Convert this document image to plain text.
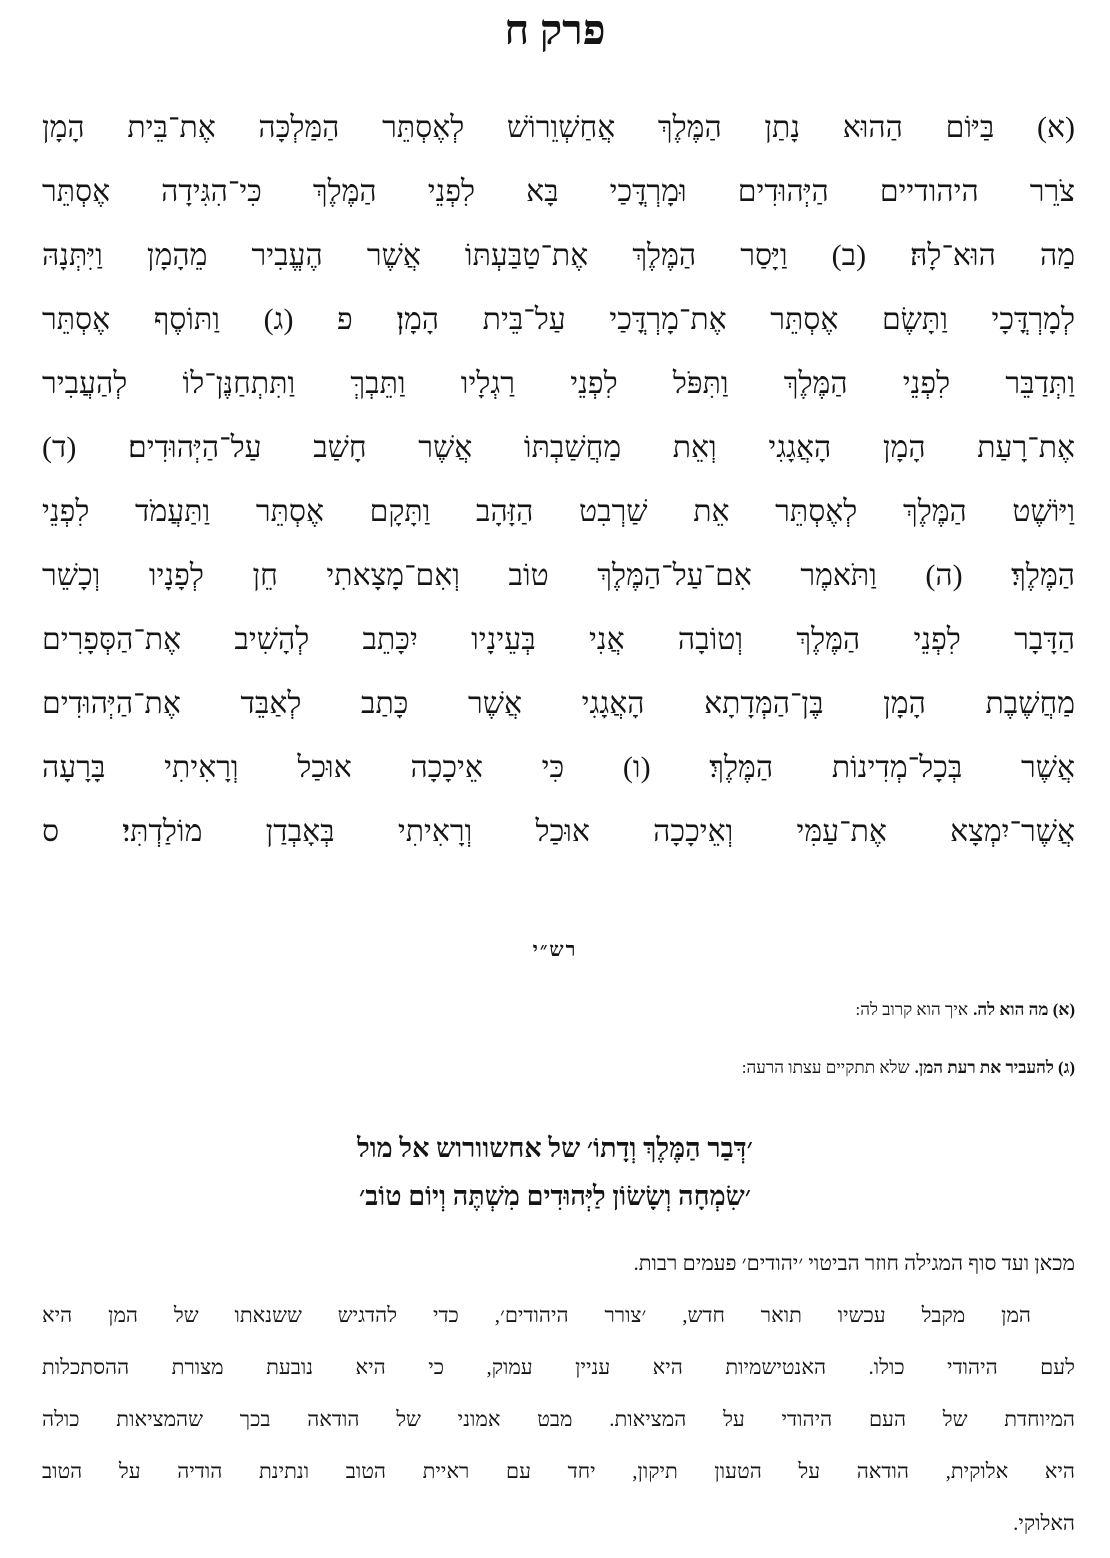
פרק ח
(א) בַּיּוֹם הַהוּא נָתַן הַמֶּלֶךְ אֲחַשְׁוֵרוֹשׁ לְאֶסְתֵּר הַמַּלְכָּה אֶת־בֵּית הָמָן
צֹרֵר היהודיים הַיְּהוּדִים וּמָרְדֳּכַי בָּא לִפְנֵי הַמֶּלֶךְ כִּי־הִגִּידָה אֶסְתֵּר
מַה הוּא־לָהּ׃ (ב) וַיָּסַר הַמֶּלֶךְ אֶת־טַבַּעְתּוֹ אֲשֶׁר הֶעֱבִיר מֵהָמָן וַיִּתְּנָהּ
לְמָרְדֳּכָי וַתָּשֶׂם אֶסְתֵּר אֶת־מָרְדֳּכַי עַל־בֵּית הָמָן׃ פ (ג) וַתּוֹסֶף אֶסְתֵּר
וַתְּדַבֵּר לִפְנֵי הַמֶּלֶךְ וַתִּפֹּל לִפְנֵי רַגְלָיו וַתֵּבְךְּ וַתִּתְחַנֶּן־לוֹ לְהַעֲבִיר
אֶת־רָעַת הָמָן הָאֲגָגִי וְאֵת מַחֲשַׁבְתּוֹ אֲשֶׁר חָשַׁב עַל־הַיְּהוּדִים׃ (ד)
וַיּוֹשֶׁט הַמֶּלֶךְ לְאֶסְתֵּר אֵת שַׁרְבִט הַזָּהָב וַתָּקָם אֶסְתֵּר וַתַּעֲמֹד לִפְנֵי
הַמֶּלֶךְ׃ (ה) וַתֹּאמֶר אִם־עַל־הַמֶּלֶךְ טוֹב וְאִם־מָצָאתִי חֵן לְפָנָיו וְכָשֵׁר
הַדָּבָר לִפְנֵי הַמֶּלֶךְ וְטוֹבָה אֲנִי בְּעֵינָיו יִכָּתֵב לְהָשִׁיב אֶת־הַסְּפָרִים
מַחֲשֶׁבֶת הָמָן בֶּן־הַמְּדָתָא הָאֲגָגִי אֲשֶׁר כָּתַב לְאַבֵּד אֶת־הַיְּהוּדִים
אֲשֶׁר בְּכָל־מְדִינוֹת הַמֶּלֶךְ׃ (ו) כִּי אֵיכָכָה אוּכַל וְרָאִיתִי בָּרָעָה
אֲשֶׁר־יִמְצָא אֶת־עַמִּי וְאֵיכָכָה אוּכַל וְרָאִיתִי בְּאָבְדַן מוֹלַדְתִּי׃ ס
רש״י
(א) מה הוא לה.איך הוא קרוב לה:
(ג) להעביר את רעת המן.שלא תתקיים עצתו הרעה:
׳דְּבַר הַמֶּלֶךְ וְדָתוֹ׳ של אחשוורוש אל מול
׳שִׂמְחָה וְשָׂשׂוֹן לַיְּהוּדִים מִשְׁתֶּה וְיוֹם טוֹב׳
מכאן ועד סוף המגילה חוזר הביטוי ׳יהודים׳ פעמים רבות.
המן מקבל עכשיו תואר חדש, ׳צורר היהודים׳, כדי להדגיש ששנאתו של המן היא
לעם היהודי כולו. האנטישמיות היא עניין עמוק, כי היא נובעת מצורת ההסתכלות
המיוחדת של העם היהודי על המציאות. מבט אמוני של הודאה בכך שהמציאות כולה
היא אלוקית, הודאה על הטעון תיקון, יחד עם ראיית הטוב ונתינת הודיה על הטוב
האלוקי.
